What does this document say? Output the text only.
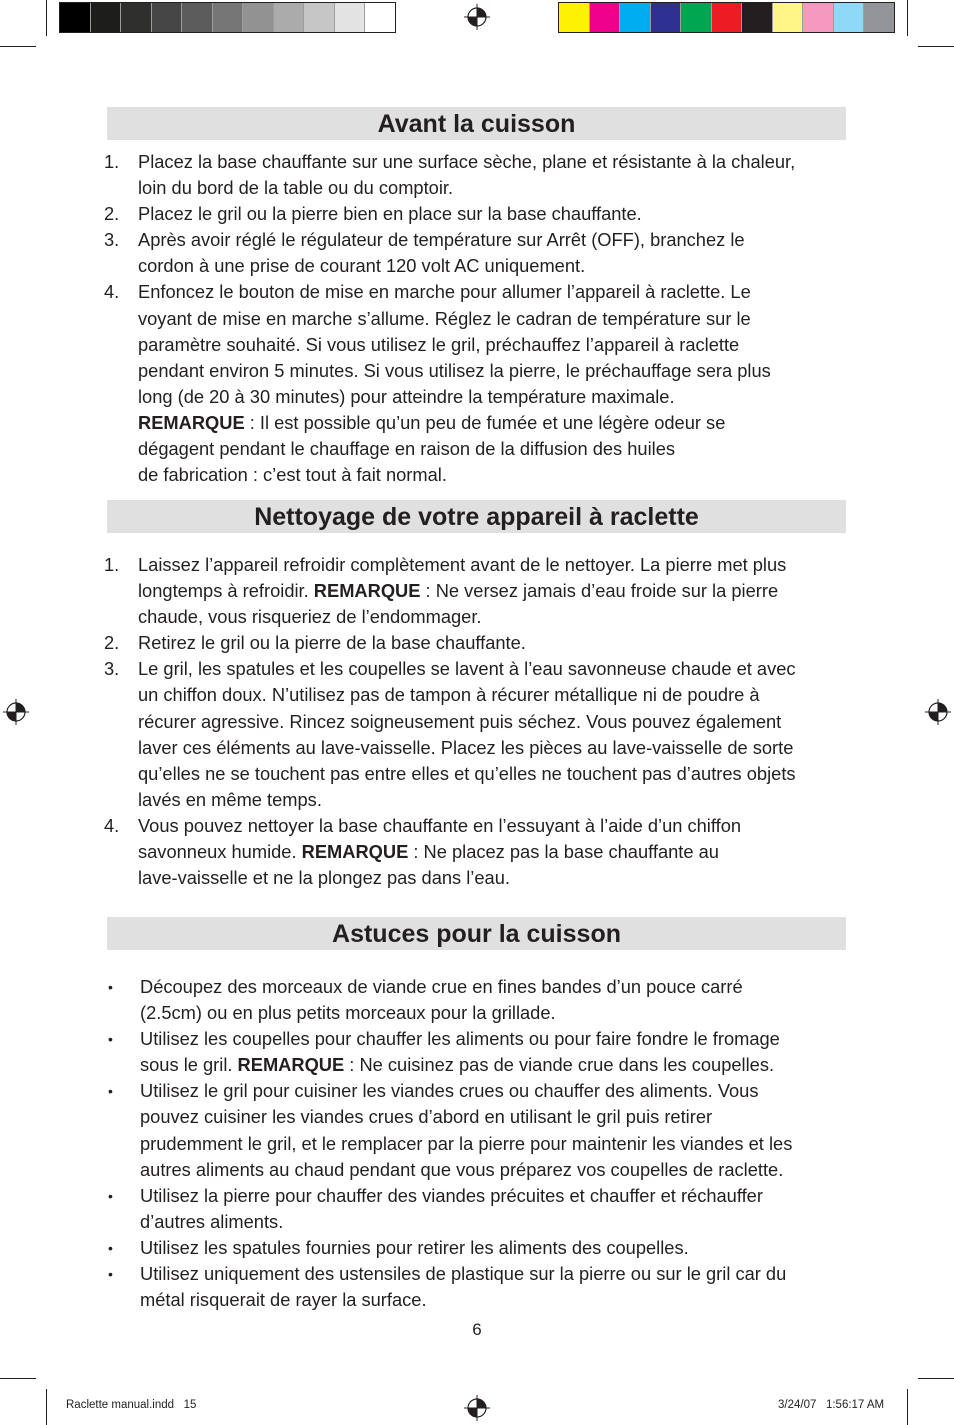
Avant la cuisson
1. Placez la base chauffante sur une surface sèche, plane et résistante à la chaleur,
loin du bord de la table ou du comptoir.
2. Placez le gril ou la pierre bien en place sur la base chauffante.
3. Après avoir réglé le régulateur de température sur Arrêt (OFF), branchez le
cordon à une prise de courant 120 volt AC uniquement.
4. Enfoncez le bouton de mise en marche pour allumer l’appareil à raclette. Le
voyant de mise en marche s’allume. Réglez le cadran de température sur le
paramètre souhaité. Si vous utilisez le gril, préchauffez l’appareil à raclette
pendant environ 5 minutes. Si vous utilisez la pierre, le préchauffage sera plus
long (de 20 à 30 minutes) pour atteindre la température maximale.
REMARQUE : Il est possible qu’un peu de fumée et une légère odeur se
dégagent pendant le chauffage en raison de la diffusion des huiles
de fabrication : c’est tout à fait normal.
Nettoyage de votre appareil à raclette
1. Laissez l’appareil refroidir complètement avant de le nettoyer. La pierre met plus
longtemps à refroidir. REMARQUE : Ne versez jamais d’eau froide sur la pierre
chaude, vous risqueriez de l’endommager.
2. Retirez le gril ou la pierre de la base chauffante.
3. Le gril, les spatules et les coupelles se lavent à l’eau savonneuse chaude et avec
un chiffon doux. N’utilisez pas de tampon à récurer métallique ni de poudre à
récurer agressive. Rincez soigneusement puis séchez. Vous pouvez également
laver ces éléments au lave-vaisselle. Placez les pièces au lave-vaisselle de sorte
qu’elles ne se touchent pas entre elles et qu’elles ne touchent pas d’autres objets
lavés en même temps.
4. Vous pouvez nettoyer la base chauffante en l’essuyant à l’aide d’un chiffon
savonneux humide. REMARQUE : Ne placez pas la base chauffante au
lave-vaisselle et ne la plongez pas dans l’eau.
Astuces pour la cuisson
• Découpez des morceaux de viande crue en fines bandes d’un pouce carré
(2.5cm) ou en plus petits morceaux pour la grillade.
• Utilisez les coupelles pour chauffer les aliments ou pour faire fondre le fromage
sous le gril. REMARQUE : Ne cuisinez pas de viande crue dans les coupelles.
• Utilisez le gril pour cuisiner les viandes crues ou chauffer des aliments. Vous
pouvez cuisiner les viandes crues d’abord en utilisant le gril puis retirer
prudemment le gril, et le remplacer par la pierre pour maintenir les viandes et les
autres aliments au chaud pendant que vous préparez vos coupelles de raclette.
• Utilisez la pierre pour chauffer des viandes précuites et chauffer et réchauffer
d’autres aliments.
• Utilisez les spatules fournies pour retirer les aliments des coupelles.
• Utilisez uniquement des ustensiles de plastique sur la pierre ou sur le gril car du
métal risquerait de rayer la surface.
6
Raclette manual.indd   15	3/24/07   1:56:17 AM
